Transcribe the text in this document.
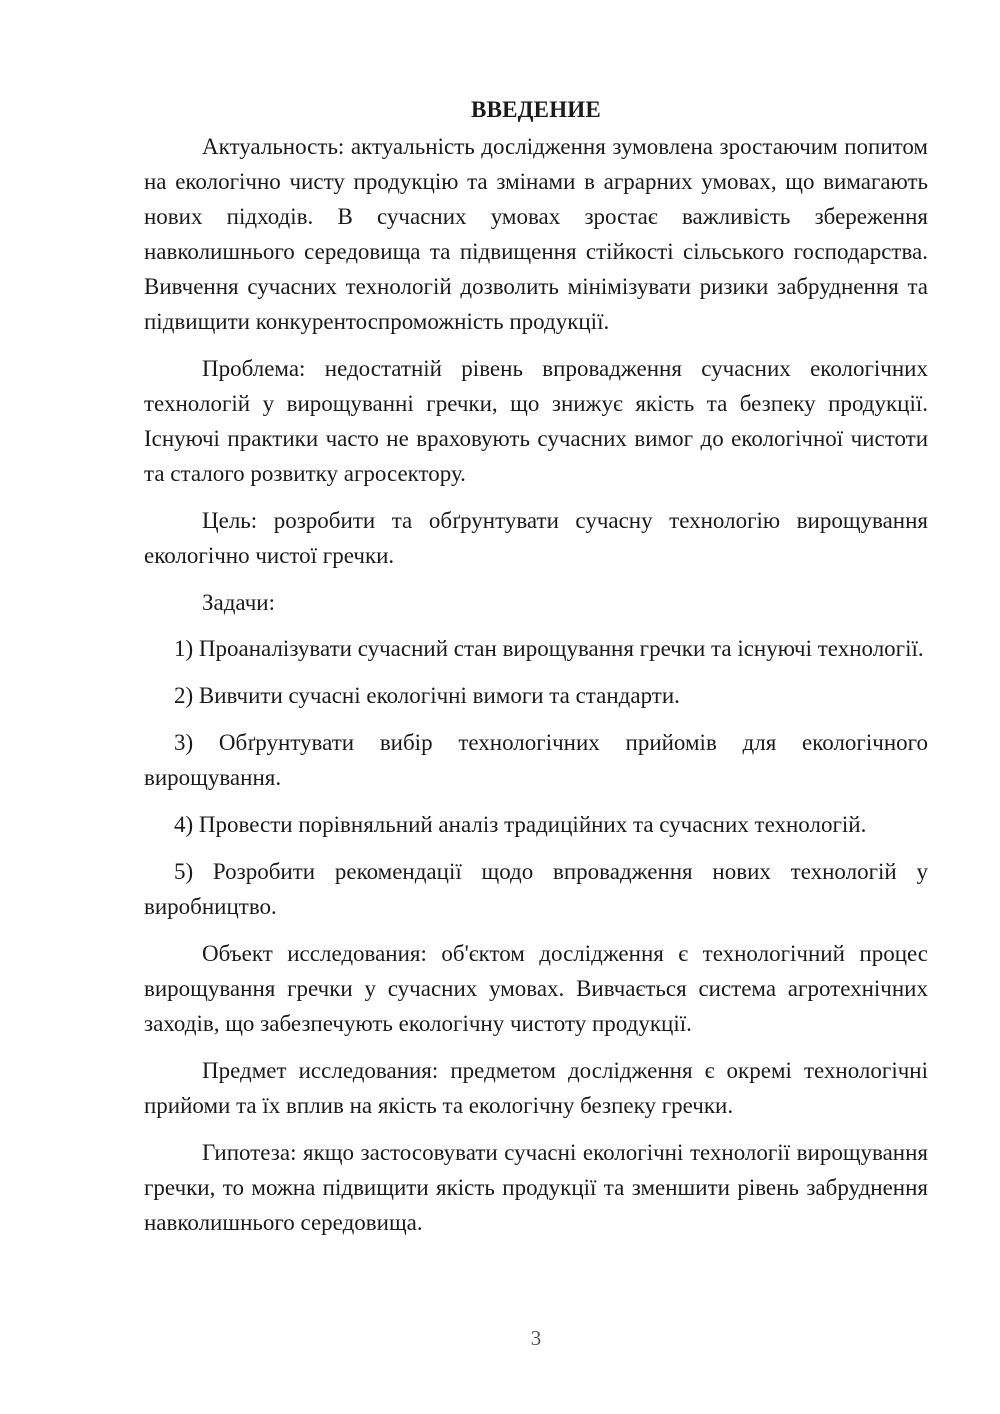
ВВЕДЕНИЕ

Актуальность: актуальність дослідження зумовлена зростаючим попитом на екологічно чисту продукцію та змінами в аграрних умовах, що вимагають нових підходів. В сучасних умовах зростає важливість збереження навколишнього середовища та підвищення стійкості сільського господарства. Вивчення сучасних технологій дозволить мінімізувати ризики забруднення та підвищити конкурентоспроможність продукції.

Проблема: недостатній рівень впровадження сучасних екологічних технологій у вирощуванні гречки, що знижує якість та безпеку продукції. Існуючі практики часто не враховують сучасних вимог до екологічної чистоти та сталого розвитку агросектору.

Цель: розробити та обґрунтувати сучасну технологію вирощування екологічно чистої гречки.

Задачи:

1) Проаналізувати сучасний стан вирощування гречки та існуючі технології.

2) Вивчити сучасні екологічні вимоги та стандарти.

3) Обґрунтувати вибір технологічних прийомів для екологічного вирощування.

4) Провести порівняльний аналіз традиційних та сучасних технологій.

5) Розробити рекомендації щодо впровадження нових технологій у виробництво.

Объект исследования: об'єктом дослідження є технологічний процес вирощування гречки у сучасних умовах. Вивчається система агротехнічних заходів, що забезпечують екологічну чистоту продукції.

Предмет исследования: предметом дослідження є окремі технологічні прийоми та їх вплив на якість та екологічну безпеку гречки.

Гипотеза: якщо застосовувати сучасні екологічні технології вирощування гречки, то можна підвищити якість продукції та зменшити рівень забруднення навколишнього середовища.

3
